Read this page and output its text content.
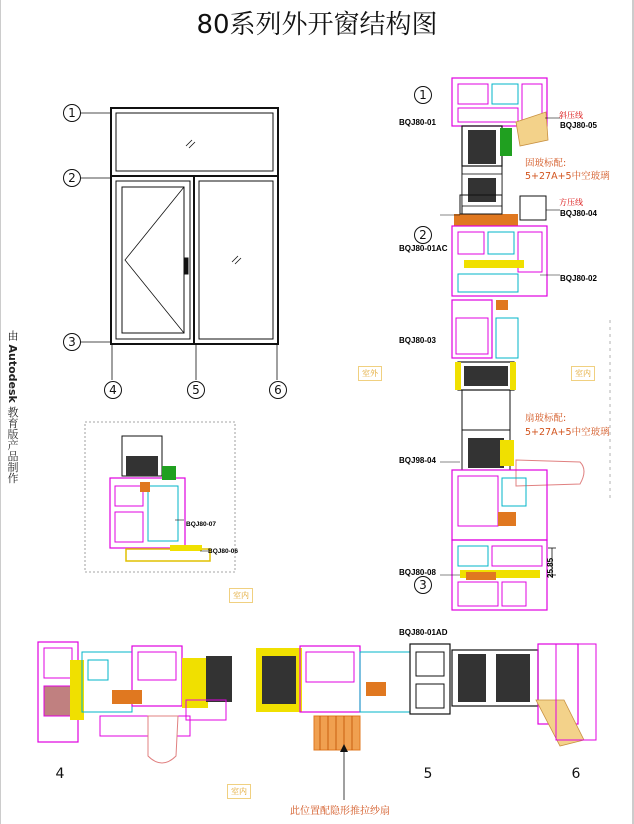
80系列外开窗结构图
由 Autodesk 教育版产品制作
1
2
3
4	5	6
1
2
3
4	5	6
BQJ80-01	BQJ80-05
BQJ80-04
BQJ80-01AC
BQJ80-02
BQJ80-03
BQJ98-04
BQJ80-08
BQJ80-01AD
BQJ80-07
BQJ80-06
斜压线
方压线
固玻标配:
5+27A+5中空玻璃
扇玻标配:
5+27A+5中空玻璃
25.85
此位置配隐形推拉纱扇
室外	室内
室内
室内
